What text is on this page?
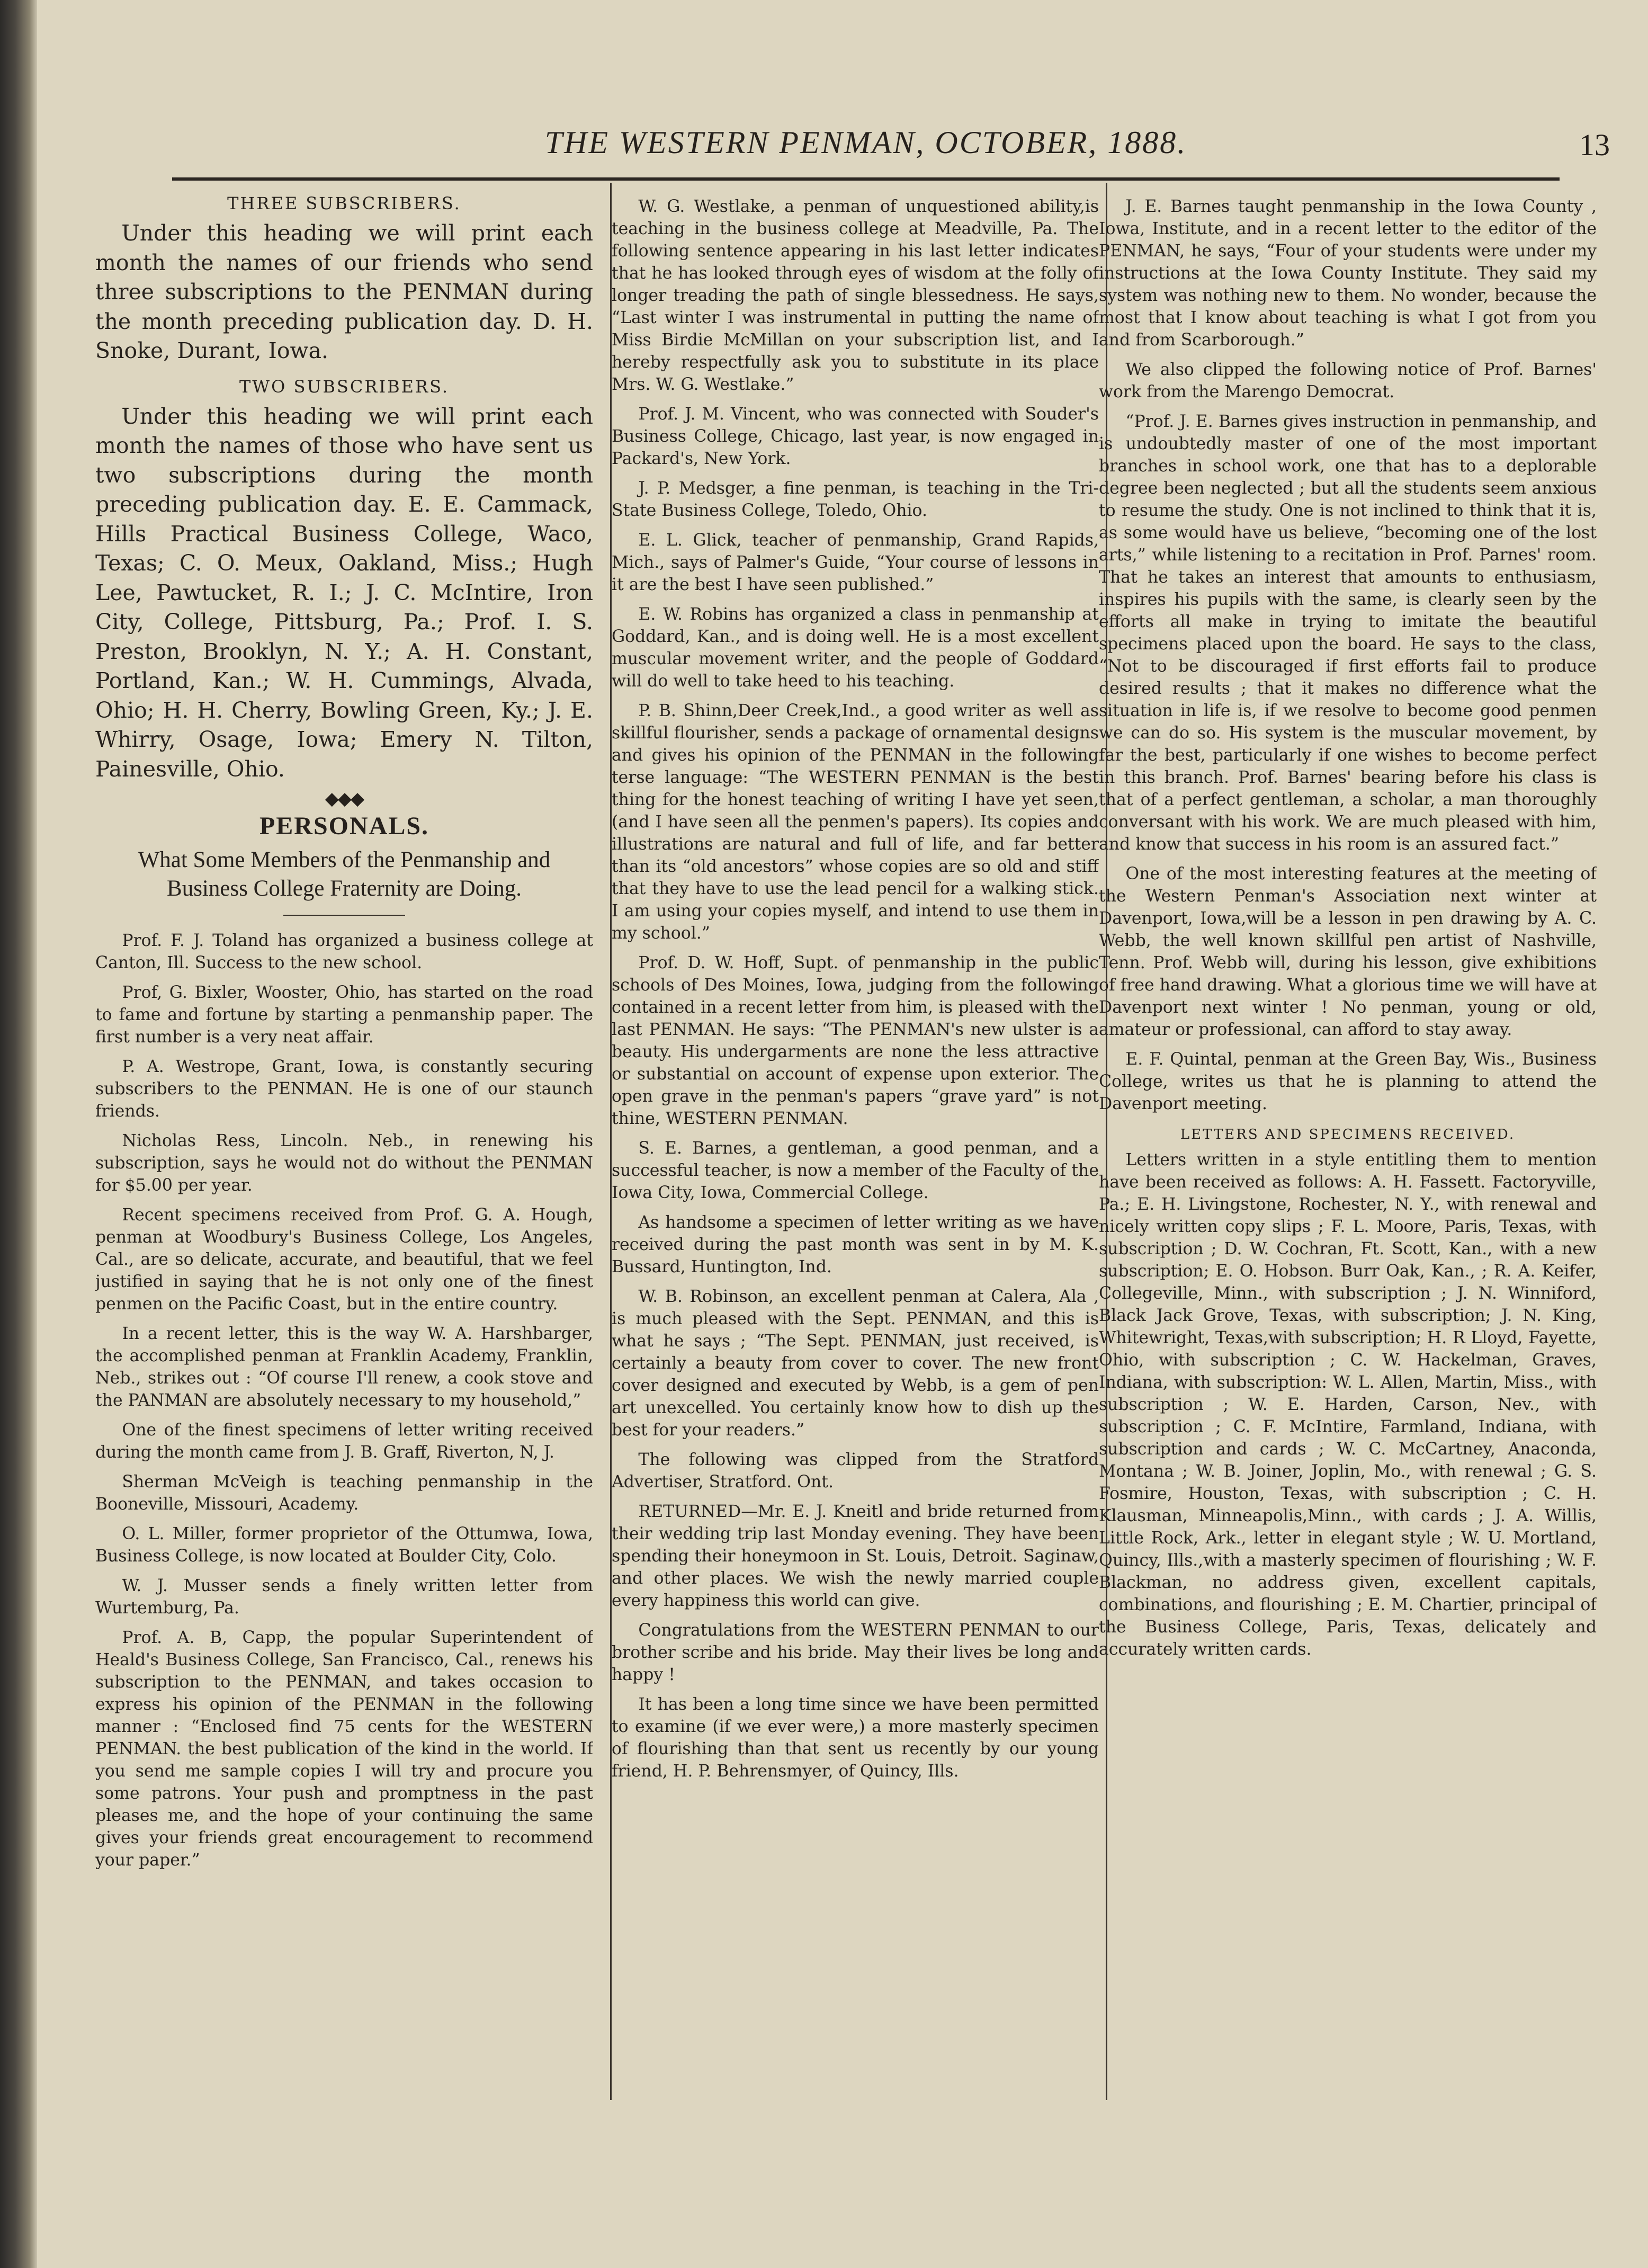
THE WESTERN PENMAN, OCTOBER, 1888.	13
THREE SUBSCRIBERS.

Under this heading we will print each month the names of our friends who send three subscriptions to the PENMAN during the month preceding publication day. D. H. Snoke, Durant, Iowa.

TWO SUBSCRIBERS.

Under this heading we will print each month the names of those who have sent us two subscriptions during the month preceding publication day. E. E. Cammack, Hills Practical Business College, Waco, Texas; C. O. Meux, Oakland, Miss.; Hugh Lee, Pawtucket, R. I.; J. C. McIntire, Iron City, College, Pittsburg, Pa.; Prof. I. S. Preston, Brooklyn, N. Y.; A. H. Constant, Portland, Kan.; W. H. Cummings, Alvada, Ohio; H. H. Cherry, Bowling Green, Ky.; J. E. Whirry, Osage, Iowa; Emery N. Tilton, Painesville, Ohio.

◆◆◆
PERSONALS.
What Some Members of the Penmanship and Business College Fraternity are Doing.

Prof. F. J. Toland has organized a business college at Canton, Ill. Success to the new school.

Prof, G. Bixler, Wooster, Ohio, has started on the road to fame and fortune by starting a penmanship paper. The first number is a very neat affair.

P. A. Westrope, Grant, Iowa, is constantly securing subscribers to the PENMAN. He is one of our staunch friends.

Nicholas Ress, Lincoln. Neb., in renewing his subscription, says he would not do without the PENMAN for $5.00 per year.

Recent specimens received from Prof. G. A. Hough, penman at Woodbury's Business College, Los Angeles, Cal., are so delicate, accurate, and beautiful, that we feel justified in saying that he is not only one of the finest penmen on the Pacific Coast, but in the entire country.

In a recent letter, this is the way W. A. Harshbarger, the accomplished penman at Franklin Academy, Franklin, Neb., strikes out : “Of course I'll renew, a cook stove and the PANMAN are absolutely necessary to my household,”

One of the finest specimens of letter writing received during the month came from J. B. Graff, Riverton, N, J.

Sherman McVeigh is teaching penmanship in the Booneville, Missouri, Academy.

O. L. Miller, former proprietor of the Ottumwa, Iowa, Business College, is now located at Boulder City, Colo.

W. J. Musser sends a finely written letter from Wurtemburg, Pa.

Prof. A. B, Capp, the popular Superintendent of Heald's Business College, San Francisco, Cal., renews his subscription to the PENMAN, and takes occasion to express his opinion of the PENMAN in the following manner : “Enclosed find 75 cents for the WESTERN PENMAN. the best publication of the kind in the world. If you send me sample copies I will try and procure you some patrons. Your push and promptness in the past pleases me, and the hope of your continuing the same gives your friends great encouragement to recommend your paper.”

W. G. Westlake, a penman of unquestioned ability,is teaching in the business college at Meadville, Pa. The following sentence appearing in his last letter indicates that he has looked through eyes of wisdom at the folly of longer treading the path of single blessedness. He says, “Last winter I was instrumental in putting the name of Miss Birdie McMillan on your subscription list, and I hereby respectfully ask you to substitute in its place Mrs. W. G. Westlake.”

Prof. J. M. Vincent, who was connected with Souder's Business College, Chicago, last year, is now engaged in Packard's, New York.

J. P. Medsger, a fine penman, is teaching in the Tri-State Business College, Toledo, Ohio.

E. L. Glick, teacher of penmanship, Grand Rapids, Mich., says of Palmer's Guide, “Your course of lessons in it are the best I have seen published.”

E. W. Robins has organized a class in penmanship at Goddard, Kan., and is doing well. He is a most excellent muscular movement writer, and the people of Goddard will do well to take heed to his teaching.

P. B. Shinn,Deer Creek,Ind., a good writer as well as skillful flourisher, sends a package of ornamental designs and gives his opinion of the PENMAN in the following terse language: “The WESTERN PENMAN is the best thing for the honest teaching of writing I have yet seen, (and I have seen all the penmen's papers). Its copies and illustrations are natural and full of life, and far better than its “old ancestors” whose copies are so old and stiff that they have to use the lead pencil for a walking stick. I am using your copies myself, and intend to use them in my school.”

Prof. D. W. Hoff, Supt. of penmanship in the public schools of Des Moines, Iowa, judging from the following contained in a recent letter from him, is pleased with the last PENMAN. He says: “The PENMAN's new ulster is a beauty. His undergarments are none the less attractive or substantial on account of expense upon exterior. The open grave in the penman's papers “grave yard” is not thine, WESTERN PENMAN.

S. E. Barnes, a gentleman, a good penman, and a successful teacher, is now a member of the Faculty of the Iowa City, Iowa, Commercial College.

As handsome a specimen of letter writing as we have received during the past month was sent in by M. K. Bussard, Huntington, Ind.

W. B. Robinson, an excellent penman at Calera, Ala , is much pleased with the Sept. PENMAN, and this is what he says ; “The Sept. PENMAN, just received, is certainly a beauty from cover to cover. The new front cover designed and executed by Webb, is a gem of pen art unexcelled. You certainly know how to dish up the best for your readers.”

The following was clipped from the Stratford Advertiser, Stratford. Ont.

RETURNED—Mr. E. J. Kneitl and bride returned from their wedding trip last Monday evening. They have been spending their honeymoon in St. Louis, Detroit. Saginaw, and other places. We wish the newly married couple every happiness this world can give.

Congratulations from the WESTERN PENMAN to our brother scribe and his bride. May their lives be long and happy !

It has been a long time since we have been permitted to examine (if we ever were,) a more masterly specimen of flourishing than that sent us recently by our young friend, H. P. Behrensmyer, of Quincy, Ills.

J. E. Barnes taught penmanship in the Iowa County , Iowa, Institute, and in a recent letter to the editor of the PENMAN, he says, “Four of your students were under my instructions at the Iowa County Institute. They said my system was nothing new to them. No wonder, because the most that I know about teaching is what I got from you and from Scarborough.”

We also clipped the following notice of Prof. Barnes' work from the Marengo Democrat.

“Prof. J. E. Barnes gives instruction in penmanship, and is undoubtedly master of one of the most important branches in school work, one that has to a deplorable degree been neglected ; but all the students seem anxious to resume the study. One is not inclined to think that it is, as some would have us believe, “becoming one of the lost arts,” while listening to a recitation in Prof. Parnes' room. That he takes an interest that amounts to enthusiasm, inspires his pupils with the same, is clearly seen by the efforts all make in trying to imitate the beautiful specimens placed upon the board. He says to the class, “Not to be discouraged if first efforts fail to produce desired results ; that it makes no difference what the situation in life is, if we resolve to become good penmen we can do so. His system is the muscular movement, by far the best, particularly if one wishes to become perfect in this branch. Prof. Barnes' bearing before his class is that of a perfect gentleman, a scholar, a man thoroughly conversant with his work. We are much pleased with him, and know that success in his room is an assured fact.”

One of the most interesting features at the meeting of the Western Penman's Association next winter at Davenport, Iowa,will be a lesson in pen drawing by A. C. Webb, the well known skillful pen artist of Nashville, Tenn. Prof. Webb will, during his lesson, give exhibitions of free hand drawing. What a glorious time we will have at Davenport next winter ! No penman, young or old, amateur or professional, can afford to stay away.

E. F. Quintal, penman at the Green Bay, Wis., Business College, writes us that he is planning to attend the Davenport meeting.

LETTERS AND SPECIMENS RECEIVED.

Letters written in a style entitling them to mention have been received as follows: A. H. Fassett. Factoryville, Pa.; E. H. Livingstone, Rochester, N. Y., with renewal and nicely written copy slips ; F. L. Moore, Paris, Texas, with subscription ; D. W. Cochran, Ft. Scott, Kan., with a new subscription; E. O. Hobson. Burr Oak, Kan., ; R. A. Keifer, Collegeville, Minn., with subscription ; J. N. Winniford, Black Jack Grove, Texas, with subscription; J. N. King, Whitewright, Texas,with subscription; H. R Lloyd, Fayette, Ohio, with subscription ; C. W. Hackelman, Graves, Indiana, with subscription: W. L. Allen, Martin, Miss., with subscription ; W. E. Harden, Carson, Nev., with subscription ; C. F. McIntire, Farmland, Indiana, with subscription and cards ; W. C. McCartney, Anaconda, Montana ; W. B. Joiner, Joplin, Mo., with renewal ; G. S. Fosmire, Houston, Texas, with subscription ; C. H. Klausman, Minneapolis,Minn., with cards ; J. A. Willis, Little Rock, Ark., letter in elegant style ; W. U. Mortland, Quincy, Ills.,with a masterly specimen of flourishing ; W. F. Blackman, no address given, excellent capitals, combinations, and flourishing ; E. M. Chartier, principal of the Business College, Paris, Texas, delicately and accurately written cards.
